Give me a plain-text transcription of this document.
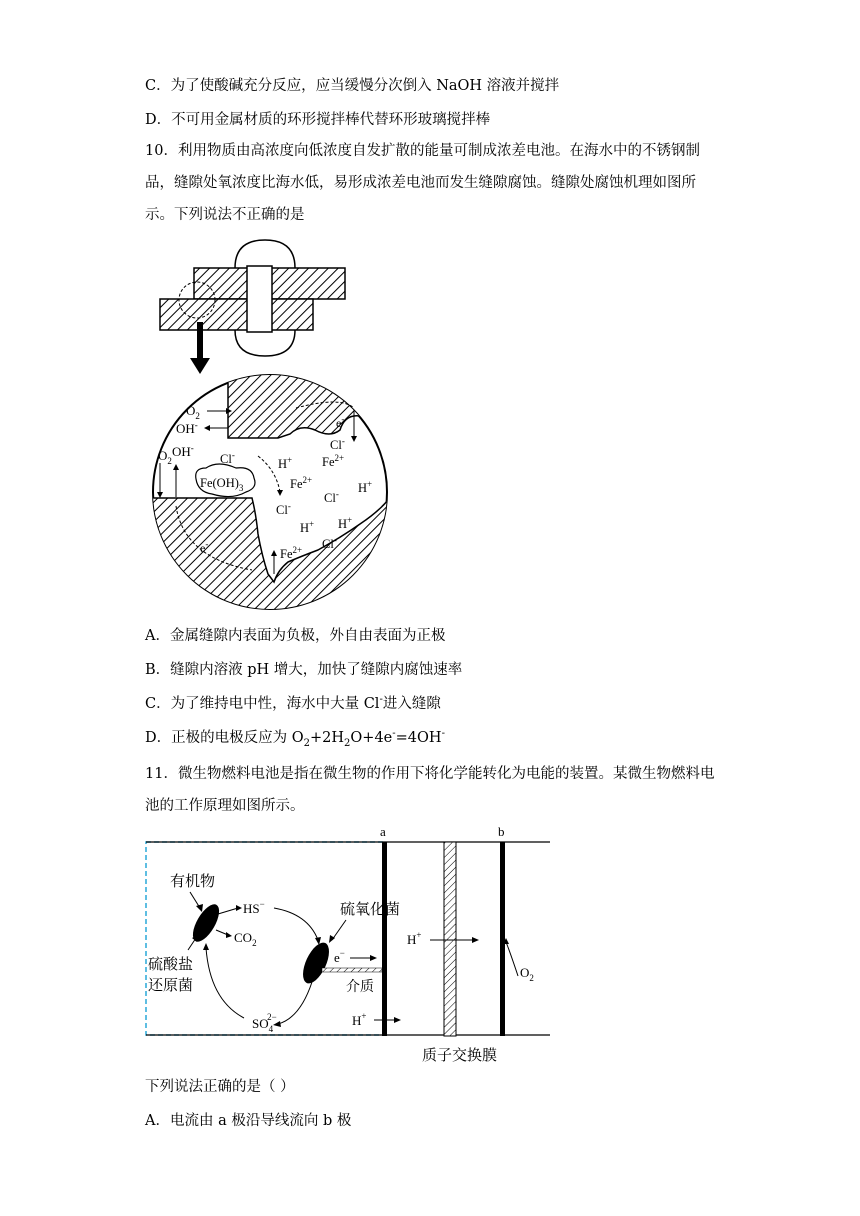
C．为了使酸碱充分反应，应当缓慢分次倒入 NaOH 溶液并搅拌
D．不可用金属材质的环形搅拌棒代替环形玻璃搅拌棒
10．利用物质由高浓度向低浓度自发扩散的能量可制成浓差电池。在海水中的不锈钢制品，缝隙处氧浓度比海水低，易形成浓差电池而发生缝隙腐蚀。缝隙处腐蚀机理如图所示。下列说法不正确的是
$Fe(OH)_3$
$O_2$
OH-	e-
Cl-
Cl-
H+ $Fe^{2+}$
$O_2$
OH-
$Fe^{2+}$
H+
Cl-
Cl-
H+ H+
Cl-
e-
$Fe^{2+}$
A．金属缝隙内表面为负极，外自由表面为正极
B．缝隙内溶液 pH 增大，加快了缝隙内腐蚀速率
C．为了维持电中性，海水中大量 Cl-进入缝隙
D．正极的电极反应为 $O_2+2H_2O+4e^-=4OH^-$
11．微生物燃料电池是指在微生物的作用下将化学能转化为电能的装置。某微生物燃料电池的工作原理如图所示。
a	b
有机物
HS−
$CO_2$
硫氧化菌
e−
介质
硫酸盐
还原菌
$SO_42-$	H+
H+
$O_2$
质子交换膜
下列说法正确的是（ ）
A．电流由 a 极沿导线流向 b 极
